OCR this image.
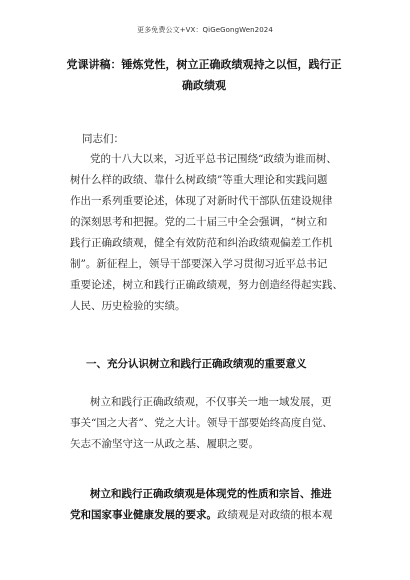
更多免费公文+VX：QiGeGongWen2024
党课讲稿：锤炼党性，树立正确政绩观持之以恒，践行正
确政绩观
同志们：
党的十八大以来，习近平总书记围绕“政绩为谁而树、
树什么样的政绩、靠什么树政绩”等重大理论和实践问题
作出一系列重要论述，体现了对新时代干部队伍建设规律
的深刻思考和把握。党的二十届三中全会强调，“树立和
践行正确政绩观，健全有效防范和纠治政绩观偏差工作机
制”。新征程上，领导干部要深入学习贯彻习近平总书记
重要论述，树立和践行正确政绩观，努力创造经得起实践、
人民、历史检验的实绩。
一、充分认识树立和践行正确政绩观的重要意义
树立和践行正确政绩观，不仅事关一地一域发展，更
事关“国之大者”、党之大计。领导干部要始终高度自觉、
矢志不渝坚守这一从政之基、履职之要。
树立和践行正确政绩观是体现党的性质和宗旨、推进
党和国家事业健康发展的要求。政绩观是对政绩的根本观
